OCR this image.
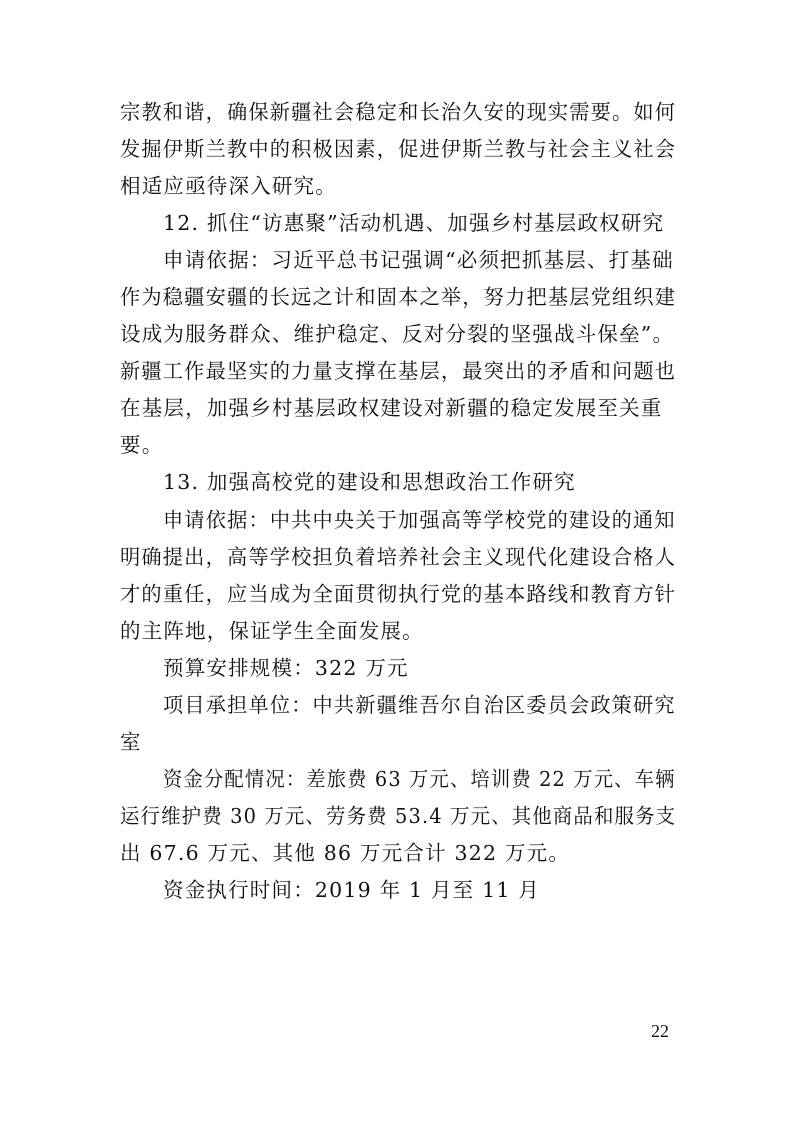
宗教和谐，确保新疆社会稳定和长治久安的现实需要。如何
发掘伊斯兰教中的积极因素，促进伊斯兰教与社会主义社会
相适应亟待深入研究。
12. 抓住“访惠聚”活动机遇、加强乡村基层政权研究
申请依据：习近平总书记强调“必须把抓基层、打基础
作为稳疆安疆的长远之计和固本之举，努力把基层党组织建
设成为服务群众、维护稳定、反对分裂的坚强战斗保垒”。
新疆工作最坚实的力量支撑在基层，最突出的矛盾和问题也
在基层，加强乡村基层政权建设对新疆的稳定发展至关重
要。
13. 加强高校党的建设和思想政治工作研究
申请依据：中共中央关于加强高等学校党的建设的通知
明确提出，高等学校担负着培养社会主义现代化建设合格人
才的重任，应当成为全面贯彻执行党的基本路线和教育方针
的主阵地，保证学生全面发展。
预算安排规模：322 万元
项目承担单位：中共新疆维吾尔自治区委员会政策研究
室
资金分配情况：差旅费 63 万元、培训费 22 万元、车辆
运行维护费 30 万元、劳务费 53.4 万元、其他商品和服务支
出 67.6 万元、其他 86 万元合计 322 万元。
资金执行时间：2019 年 1 月至 11 月
22
